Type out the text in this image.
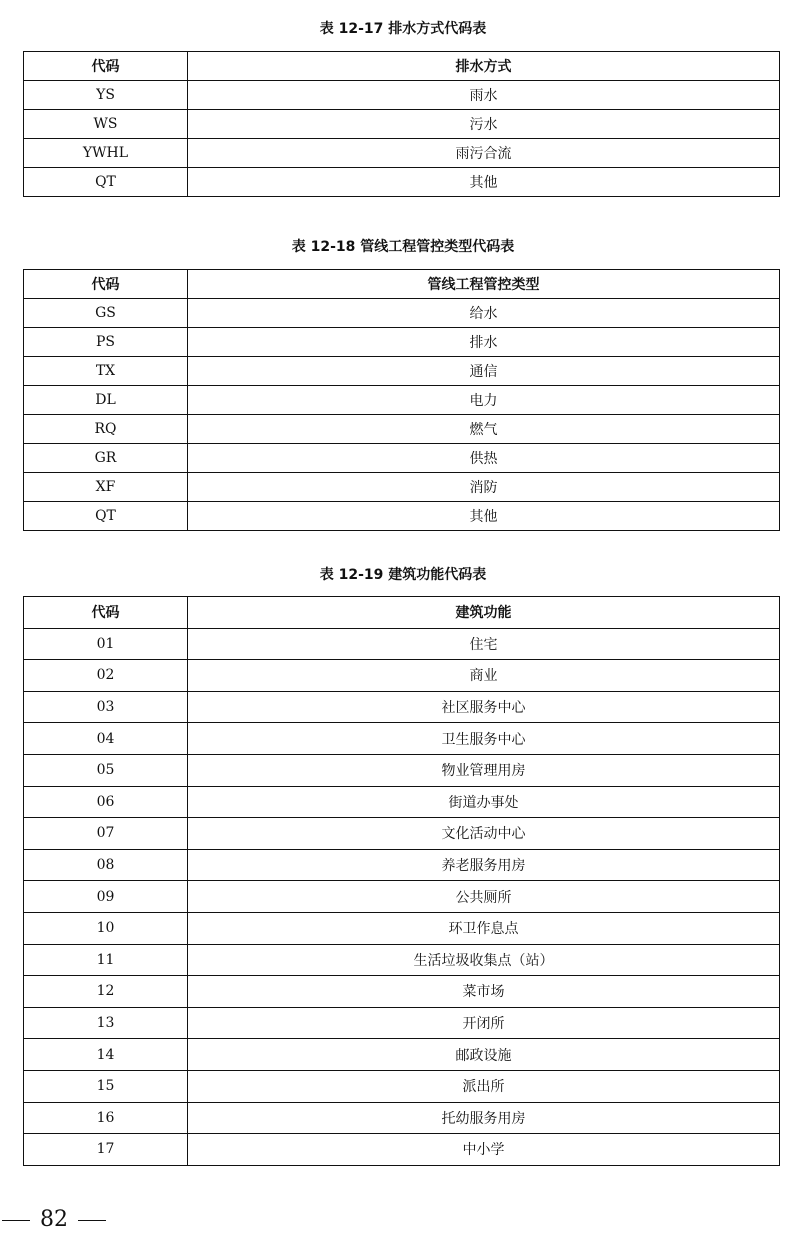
表 12-17 排水方式代码表
代码	排水方式
YS	雨水
WS	污水
YWHL	雨污合流
QT	其他
表 12-18 管线工程管控类型代码表
代码	管线工程管控类型
GS	给水
PS	排水
TX	通信
DL	电力
RQ	燃气
GR	供热
XF	消防
QT	其他
表 12-19 建筑功能代码表
代码	建筑功能
01	住宅
02	商业
03	社区服务中心
04	卫生服务中心
05	物业管理用房
06	街道办事处
07	文化活动中心
08	养老服务用房
09	公共厕所
10	环卫作息点
11	生活垃圾收集点（站）
12	菜市场
13	开闭所
14	邮政设施
15	派出所
16	托幼服务用房
17	中小学
82
